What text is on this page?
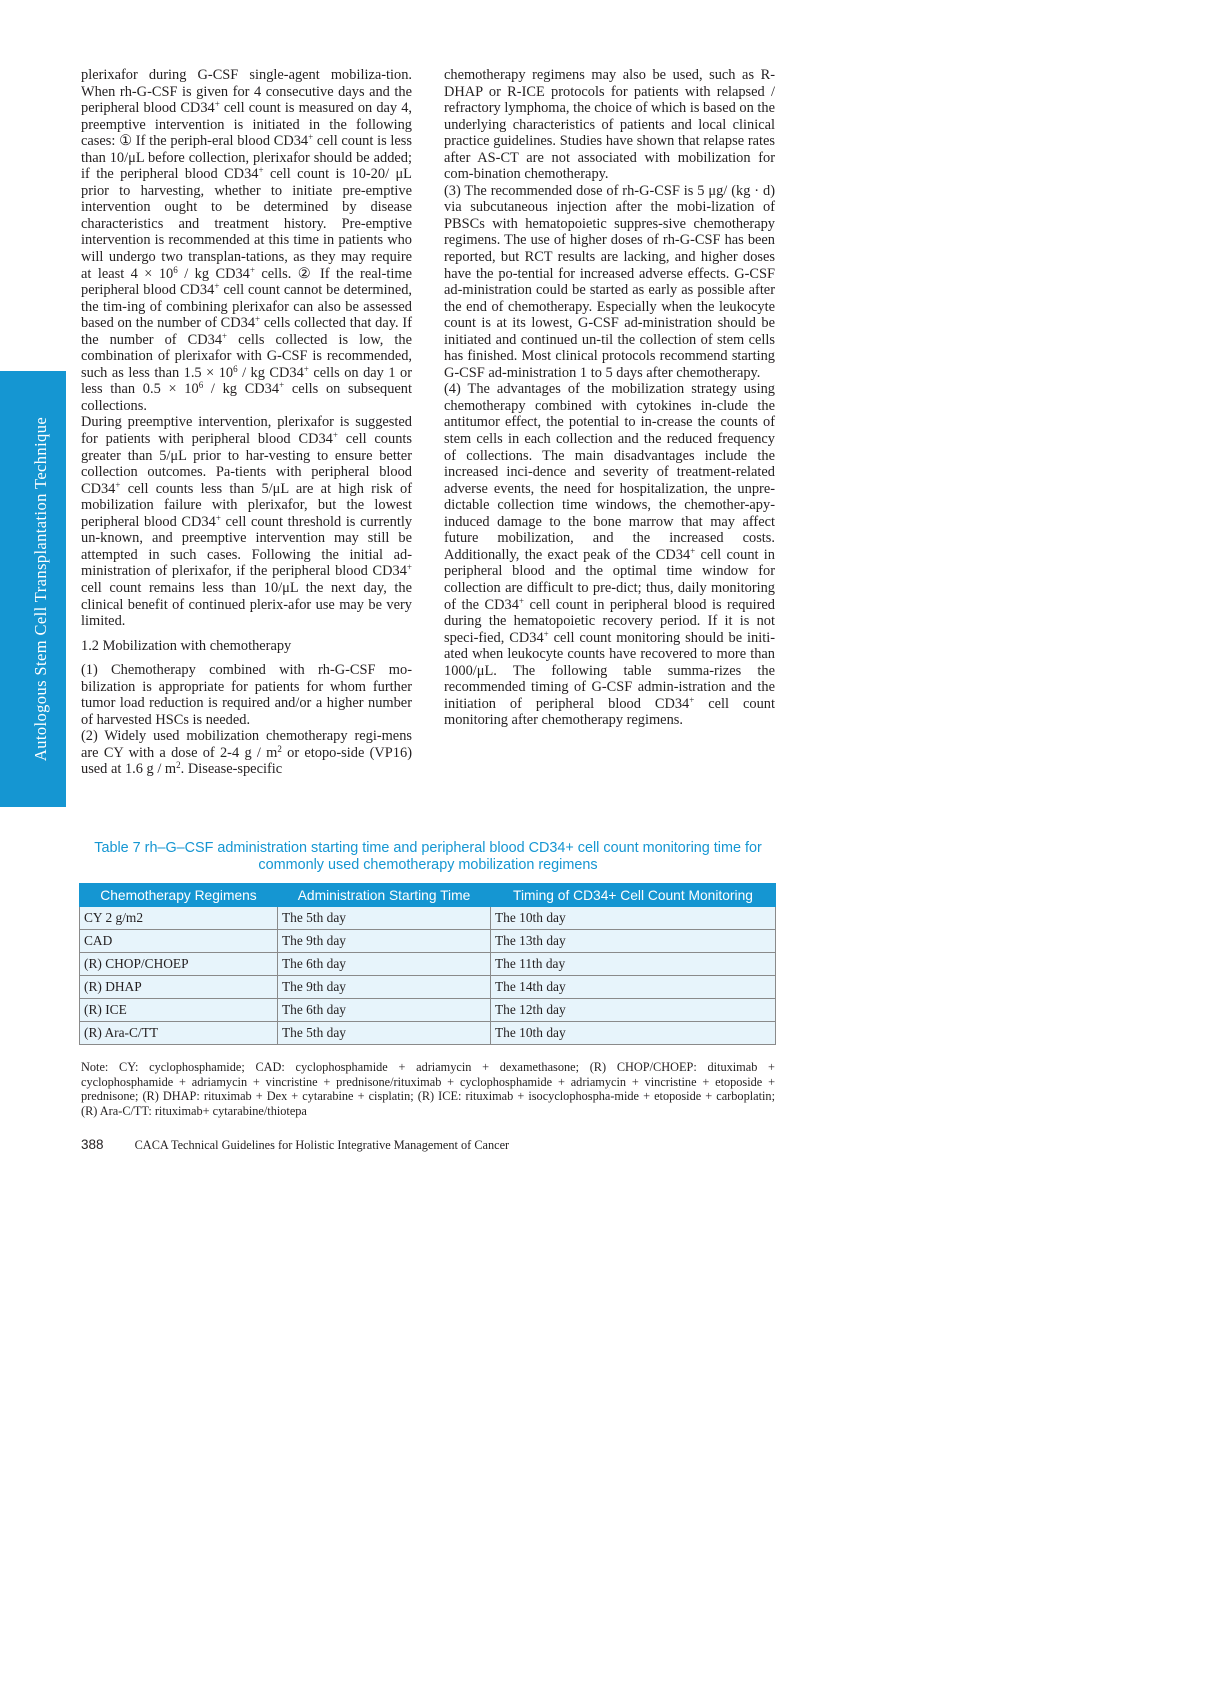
Autologous Stem Cell Transplantation Technique

plerixafor during G-CSF single-agent mobiliza-tion. When rh-G-CSF is given for 4 consecutive days and the peripheral blood CD34+ cell count is measured on day 4, preemptive intervention is initiated in the following cases: ① If the periph-eral blood CD34+ cell count is less than 10/μL before collection, plerixafor should be added; if the peripheral blood CD34+ cell count is 10-20/ μL prior to harvesting, whether to initiate pre-emptive intervention ought to be determined by disease characteristics and treatment history. Pre-emptive intervention is recommended at this time in patients who will undergo two transplan-tations, as they may require at least $4 \times 10^6$ / kg CD34+ cells. ② If the real-time peripheral blood CD34+ cell count cannot be determined, the tim-ing of combining plerixafor can also be assessed based on the number of CD34+ cells collected that day. If the number of CD34+ cells collected is low, the combination of plerixafor with G-CSF is recommended, such as less than $1.5 \times 10^6$ / kg CD34+ cells on day 1 or less than $0.5 \times 10^6$ / kg CD34+ cells on subsequent collections.

During preemptive intervention, plerixafor is suggested for patients with peripheral blood CD34+ cell counts greater than 5/μL prior to har-vesting to ensure better collection outcomes. Pa-tients with peripheral blood CD34+ cell counts less than 5/μL are at high risk of mobilization failure with plerixafor, but the lowest peripheral blood CD34+ cell count threshold is currently un-known, and preemptive intervention may still be attempted in such cases. Following the initial ad-ministration of plerixafor, if the peripheral blood CD34+ cell count remains less than 10/μL the next day, the clinical benefit of continued plerix-afor use may be very limited.

1.2 Mobilization with chemotherapy

(1) Chemotherapy combined with rh-G-CSF mo-bilization is appropriate for patients for whom further tumor load reduction is required and/or a higher number of harvested HSCs is needed.

(2) Widely used mobilization chemotherapy regi-mens are CY with a dose of 2-4 g / $m^2$ or etopo-side (VP16) used at 1.6 g / $m^2$. Disease-specific

chemotherapy regimens may also be used, such as R-DHAP or R-ICE protocols for patients with relapsed / refractory lymphoma, the choice of which is based on the underlying characteristics of patients and local clinical practice guidelines. Studies have shown that relapse rates after AS-CT are not associated with mobilization for com-bination chemotherapy.

(3) The recommended dose of rh-G-CSF is 5 μg/ (kg · d) via subcutaneous injection after the mobi-lization of PBSCs with hematopoietic suppres-sive chemotherapy regimens. The use of higher doses of rh-G-CSF has been reported, but RCT results are lacking, and higher doses have the po-tential for increased adverse effects. G-CSF ad-ministration could be started as early as possible after the end of chemotherapy. Especially when the leukocyte count is at its lowest, G-CSF ad-ministration should be initiated and continued un-til the collection of stem cells has finished. Most clinical protocols recommend starting G-CSF ad-ministration 1 to 5 days after chemotherapy.

(4) The advantages of the mobilization strategy using chemotherapy combined with cytokines in-clude the antitumor effect, the potential to in-crease the counts of stem cells in each collection and the reduced frequency of collections. The main disadvantages include the increased inci-dence and severity of treatment-related adverse events, the need for hospitalization, the unpre-dictable collection time windows, the chemother-apy-induced damage to the bone marrow that may affect future mobilization, and the increased costs. Additionally, the exact peak of the CD34+ cell count in peripheral blood and the optimal time window for collection are difficult to pre-dict; thus, daily monitoring of the CD34+ cell count in peripheral blood is required during the hematopoietic recovery period. If it is not speci-fied, CD34+ cell count monitoring should be initi-ated when leukocyte counts have recovered to more than 1000/μL. The following table summa-rizes the recommended timing of G-CSF admin-istration and the initiation of peripheral blood CD34+ cell count monitoring after chemotherapy regimens.

Table 7 rh–G–CSF administration starting time and peripheral blood CD34+ cell count monitoring time for commonly used chemotherapy mobilization regimens
Chemotherapy Regimens	Administration Starting Time	Timing of CD34+ Cell Count Monitoring
CY 2 g/m2	The 5th day	The 10th day
CAD	The 9th day	The 13th day
(R) CHOP/CHOEP	The 6th day	The 11th day
(R) DHAP	The 9th day	The 14th day
(R) ICE	The 6th day	The 12th day
(R) Ara-C/TT	The 5th day	The 10th day
Note: CY: cyclophosphamide; CAD: cyclophosphamide + adriamycin + dexamethasone; (R) CHOP/CHOEP: dituximab + cyclophosphamide + adriamycin + vincristine + prednisone/rituximab + cyclophosphamide + adriamycin + vincristine + etoposide + prednisone; (R) DHAP: rituximab + Dex + cytarabine + cisplatin; (R) ICE: rituximab + isocyclophospha-mide + etoposide + carboplatin; (R) Ara-C/TT: rituximab+ cytarabine/thiotepa
388	CACA Technical Guidelines for Holistic Integrative Management of Cancer
